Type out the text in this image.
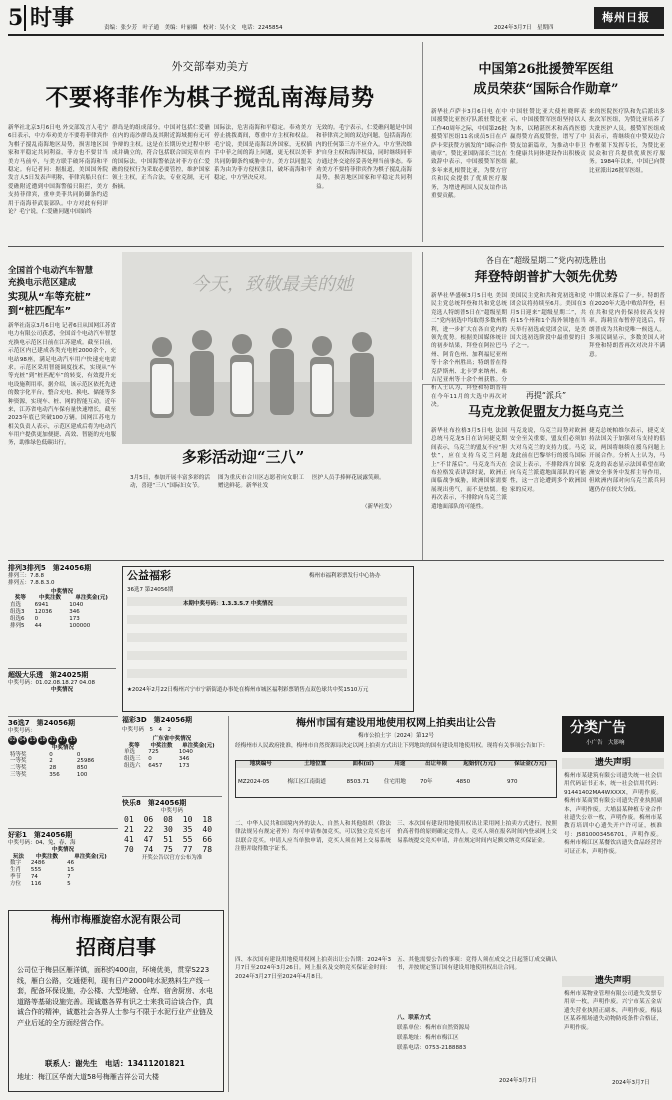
5 时事	责编：张少芳　叶子通　美编：叶丽媚　校对：吴小文　电话：2245854	2024年3月7日　星期四
梅州日报
外交部奉劝美方
不要将菲作为棋子搅乱南海局势
新华社北京3月6日电 外交部发言人毛宁6日表示，中方奉劝美方不要将菲律宾作为棋子搅乱南海地区局势，损害地区国家和平稳定共同利益，菲方也不要甘当美方马前卒，与美方联手破坏南海和平稳定。有记者问：据报道，美国国务院发言人5日发表声明称，菲律宾船只在仁爱礁附近遭到中国海警船只阻拦，美方支持菲律宾，重申美菲共同防御条约适用于南海菲武装部队。中方对此有何评论？毛宁说，仁爱礁问题中国始终
群岛是的组成部分。中国对包括仁爱礁在内的南沙群岛及其附近海域拥有无可争辩的主权。这是在长期历史过程中形成并确立的，符合包括联合国宪章在内的国际法。中国海警依法对菲方在仁爱礁的侵权行为采取必要管控，维护国家领土主权，正当合法，专业克制，无可指摘。
国际法，危害南海和平稳定。奉劝美方停止挑拨离间，尊重中方主权和权益。毛宁说，美国是南海以外国家，无权插手中菲之间的海上问题，更无权以美菲共同防御条约威胁中方。美方以同盟关系为由为菲方侵权张目，破坏南海和平稳定，中方坚决反对。
无效的。毛宁表示，仁爱礁问题是中国和菲律宾之间的双边问题，包括南海在内的任何第三方不应介入。中方坚决维护自身主权和海洋权益，同时继续同菲方通过外交途径妥善处理当前事态。奉劝美方不要将菲律宾作为棋子搅乱南海局势，损害地区国家和平稳定共同利益。
中国第26批援赞军医组
成员荣获“国际合作勋章”
新华社卢萨卡3月6日电 在中国援赞比亚医疗队派驻赞比亚工作40周年之际，中国第26批援赞军医组11名成员5日在卢萨卡荣获赞方颁发的“国际合作勋章”。赞比亚国防部长兰比在致辞中表示，中国援赞军医组多年来扎根赞比亚，为赞方官兵和民众提供了优质医疗服务，为增进两国人民友谊作出重要贡献。
中国驻赞比亚大使杜晓晖表示，中国援赞军医组坚持以人为本，以精湛医术和高尚医德赢得赞方高度赞誉，谱写了中赞友谊新篇章，为推动中非卫生健康共同体建设作出积极贡献。
来的医院医疗队和先后派出多批次军医组，为赞比亚培养了大批医护人员。援赞军医组成员表示，将继续在中赞双边合作框架下发挥专长，为赞比亚民众和官兵提供优质医疗服务。1984年以来，中国已向赞比亚派出26批军医组。
全国首个电动汽车智慧
充换电示范区建成
实现从“车等充桩”
到“桩匹配车”
新华社南京3月6日电 记者6日从国网江苏省电力有限公司获悉，全国首个电动汽车智慧充换电示范区日前在江苏建成。截至目前，示范区内已建成各类充电桩2000余个，充电站98座，满足电动汽车用户快速充电需求。示范区采用智能调度技术，实现从“车等充桩”到“桩匹配车”的转变，有效提升充电设施利用率。据介绍，该示范区依托先进的数字化平台，整合充电、换电、储能等多种资源，实现车、桩、网的智能互动。近年来，江苏省电动汽车保有量快速增长，截至2023年底已突破100万辆。国网江苏电力相关负责人表示，示范区建成后将为电动汽车用户提供更加便捷、高效、智能的充电服务，助推绿色低碳出行。
今天，致敬最美的她
多彩活动迎“三八”
3月5日，参加开展丰富多彩的活动，喜迎“三八”国际妇女节。
图为重庆市合川区志愿者向女职工赠送鲜花。新华社发
医护人员手捧鲜花展露笑颜。
（新华社发）
各自在“超级星期二”党内初选胜出
拜登特朗普扩大领先优势
新华社华盛顿3月5日电 美国民主党总统拜登和共和党总统竞选人特朗普5日在“超级星期二”党内初选中均取得多数州胜利，进一步扩大在各自党内的领先优势。根据美国媒体统计的初步结果，拜登在阿拉巴马州、阿肯色州、加利福尼亚州等十余个州胜出；特朗普在得克萨斯州、北卡罗来纳州、弗吉尼亚州等十余个州获胜。分析人士认为，拜登和特朗普将在今年11月的大选中再次对决。
美国民主党和共和党初选和党团会议将持续至6月。美国在3月5日迎来“超级星期二”，共有15个州和1个海外领地在当天举行初选或党团会议，是美国大选初选阶段中最重要的日子之一。
中期以来落后了一步。特朗普在2020年大选中败给拜登，但在共和党内仍保持较高支持率。海莉宣布暂停竞选后，特朗普成为共和党唯一候选人。多项民调显示，多数美国人对拜登和特朗普再次对决并不满意。
再提“派兵”
马克龙敦促盟友力挺乌克兰
新华社布拉格3月5日电 法国总统马克龙5日在访问捷克期间表示，乌克兰的盟友不应“胆怯”，应在支持乌克兰问题上“不甘落后”。马克龙当天在布拉格发表讲话时说，欧洲正面临战争威胁，欧洲国家需要展现出勇气，而不是怯懦。他再次表示，不排除向乌克兰派遣地面部队的可能性。
马克龙说，乌克兰局势对欧洲安全至关重要，盟友们必须加大对乌克兰的支持力度。马克龙此前在巴黎举行的援乌国际会议上表示，不排除西方国家向乌克兰派遣地面部队的可能性，这一言论遭到多个欧洲国家的反对。
捷克总统帕维尔表示，捷克支持法国关于加强对乌支持的倡议，两国将继续在援乌问题上开展合作。分析人士认为，马克龙的表态显示法国希望在欧洲安全事务中发挥主导作用，但欧洲内部对向乌克兰派兵问题仍存在较大分歧。
排列3排列5　第24056期
排列三：7.8.8
排列五：7.8.8.3.0
中奖情况
奖等	中奖注数	单注奖金(元)
直选	6941	1040
组选3	12036	346
组选6	0	173
排列5	44	100000
超级大乐透　第24025期
中奖号码：01.02.08.18.27 04.08
中奖情况
公益福彩	梅州市福利彩票发行中心协办
36选7 第24056期
本期中奖号码：1.3.3.5.7 中奖情况
★2024年2月22日梅州兴宁市宁新街道办事处在梅州市城区福利彩票销售点双色球共中奖1510万元
36选7　第24056期
中奖号码：
02 04 13 18 22 27 33
中奖情况
特等奖	0	0
一等奖	2	25986
二等奖	28	850
三等奖	356	100
福彩3D　第24056期
中奖号码　5　4　2
广东省中奖情况
奖等	中奖注数	单注奖金(元)
单选	725	1040
组选三	0	346
组选六	6457	173
快乐8　第24056期
中奖号码
01	06	08	10	18
21	22	30	35	40
41	47	51	55	66
70	74	75	77	78
开奖公告以官方公布为准
好彩1　第24056期
中奖号码：04、兔、春、海
中奖情况
玩法	中奖注数	单注奖金(元)
数字	2486	46
生肖	555	15
季节	74	7
方位	116	5
梅州市国有建设用地使用权网上拍卖出让公告
梅市公拍土字〔2024〕第12号
经梅州市人民政府批准，梅州市自然资源局决定以网上拍卖方式出让下列地块的国有建设用地使用权。现将有关事项公告如下：
地块编号	土地位置	面积(㎡)	用途	出让年限	起始价(万元)	保证金(万元)
MZ2024-05	梅江区江南街道	8503.71	住宅用地	70年	4850	970
二、中华人民共和国境内外的法人、自然人和其他组织（除法律法规另有规定者外）均可申请参加竞买，可以独立竞买也可以联合竞买。申请人应当单独申请，竞买人须在网上交易系统注册并取得数字证书。
三、本次国有建设用地使用权出让采用网上拍卖方式进行，按照价高者得的原则确定竞得人。竞买人须在报名时间内登录网上交易系统提交竞买申请，并在规定时间内足额交纳竞买保证金。
四、本次国有建设用地使用权网上拍卖出让公告期：2024年3月7日至2024年3月26日。网上报名及交纳竞买保证金时间：2024年3月27日至2024年4月8日。
五、其他需要公告的事项：竞得人须在成交之日起签订成交确认书，并按规定签订国有建设用地使用权出让合同。
八、联系方式
联系单位：梅州市自然资源局
联系地址：梅州市梅江区
联系电话：0753-2188883
2024年3月7日
分类广告
小广告　大影响
遗失声明
梅州市某建筑有限公司遗失统一社会信用代码证书正本，统一社会信用代码：91441402MA4WXXXX，声明作废。梅州市某商贸有限公司遗失营业执照副本，声明作废。大埔县某种植专业合作社遗失公章一枚，声明作废。梅州市某教育培训中心遗失开户许可证，核准号：J5810003456701，声明作废。梅州市梅江区某餐饮店遗失食品经营许可证正本，声明作废。
遗失声明
梅州市某物业管理有限公司遗失发票专用章一枚，声明作废。兴宁市某五金店遗失营业执照正副本，声明作废。梅县区某养殖场遗失动物防疫条件合格证，声明作废。
2024年3月7日
梅州市梅雁旋窑水泥有限公司
招商启事
公司位于梅县区雁洋镇，面积约400亩，环境优美，贯穿S223线，雁白公路，交通便利，现有日产2000吨水泥熟料生产线一套，配备环保设施，办公楼、大型地磅、仓库、宿舍厨房、水电道路等基础设施完善。现诚邀各界有识之士来我司洽谈合作，真诚合作的精神，诚邀社会各界人士参与不限于水泥行业产业链及产业后延的全方面经营合作。
联系人：谢先生　电话：13411201821
地址：梅江区华南大道58号梅雁吉祥公司大楼
